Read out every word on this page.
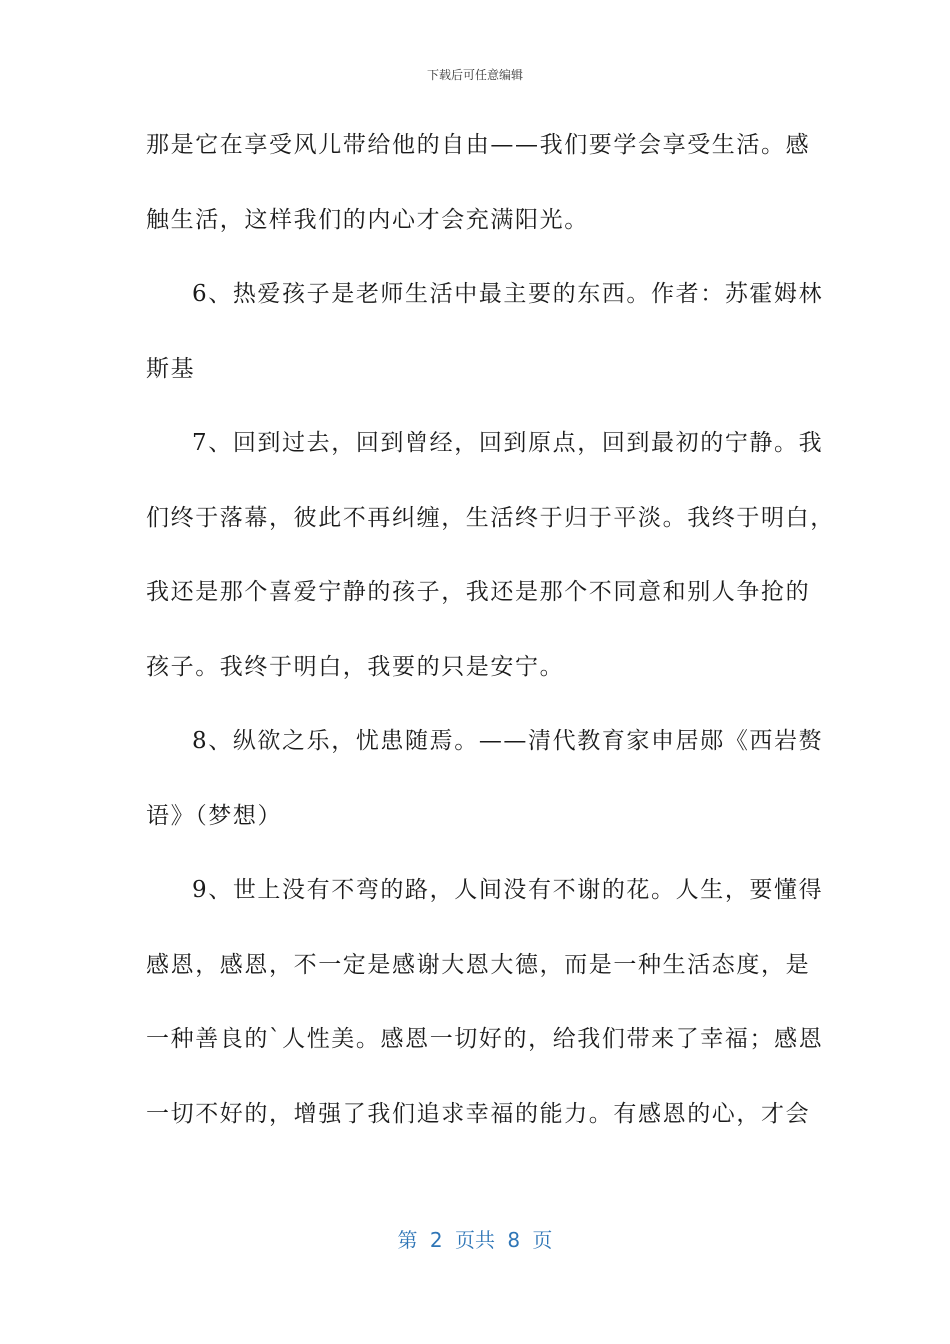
下载后可任意编辑
那是它在享受风儿带给他的自由——我们要学会享受生活。感
触生活，这样我们的内心才会充满阳光。
6、热爱孩子是老师生活中最主要的东西。作者：苏霍姆林
斯基
7、回到过去，回到曾经，回到原点，回到最初的宁静。我
们终于落幕，彼此不再纠缠，生活终于归于平淡。我终于明白，
我还是那个喜爱宁静的孩子，我还是那个不同意和别人争抢的
孩子。我终于明白，我要的只是安宁。
8、纵欲之乐，忧患随焉。——清代教育家申居郧《西岩赘
语》（梦想）
9、世上没有不弯的路，人间没有不谢的花。人生，要懂得
感恩，感恩，不一定是感谢大恩大德，而是一种生活态度，是
一种善良的`人性美。感恩一切好的，给我们带来了幸福；感恩
一切不好的，增强了我们追求幸福的能力。有感恩的心，才会
第 2 页共 8 页
